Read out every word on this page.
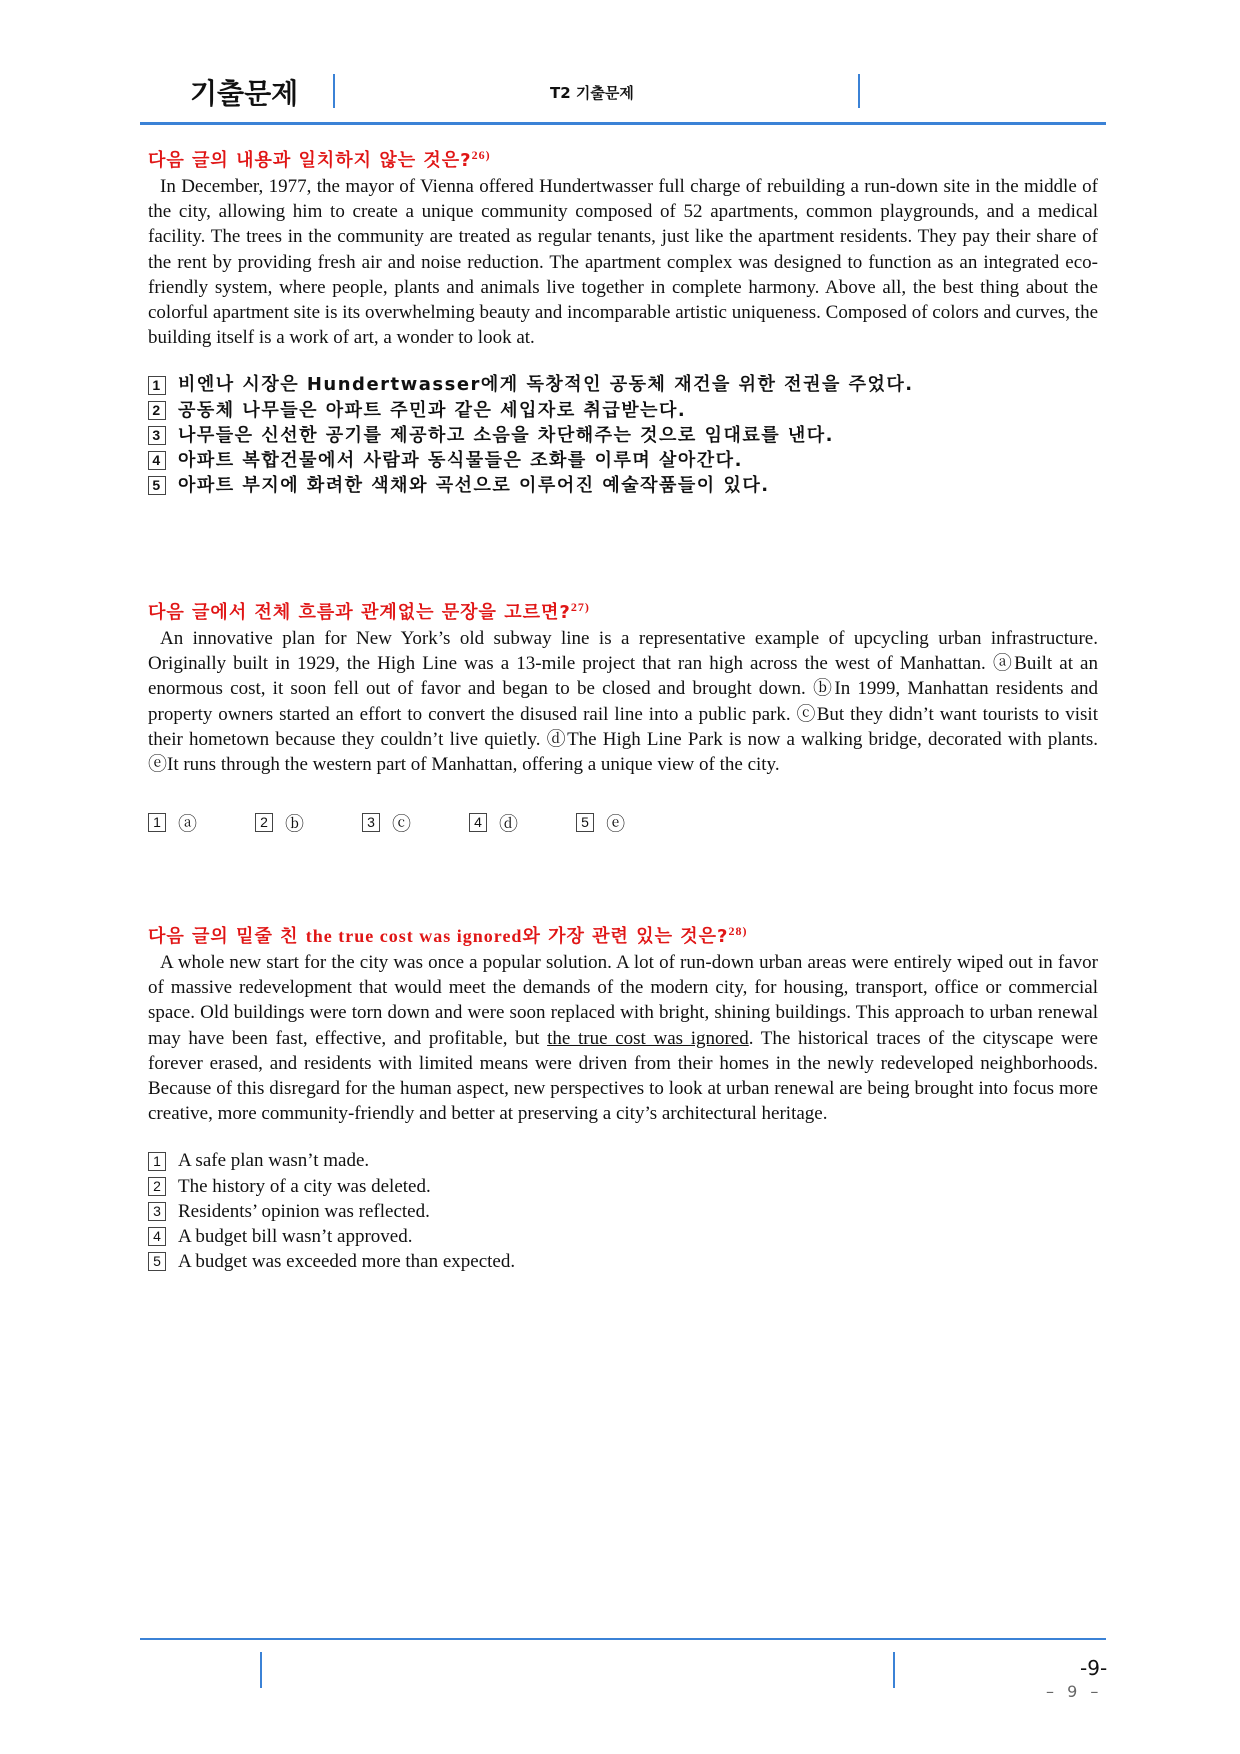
기출문제	T2 기출문제
다음 글의 내용과 일치하지 않는 것은?$^{26)}$
In December, 1977, the mayor of Vienna offered Hundertwasser full charge of rebuilding a run-down site in the middle of the city, allowing him to create a unique community composed of 52 apartments, common playgrounds, and a medical facility. The trees in the community are treated as regular tenants, just like the apartment residents. They pay their share of the rent by providing fresh air and noise reduction. The apartment complex was designed to function as an integrated eco-friendly system, where people, plants and animals live together in complete harmony. Above all, the best thing about the colorful apartment site is its overwhelming beauty and incomparable artistic uniqueness. Composed of colors and curves, the building itself is a work of art, a wonder to look at.
1 비엔나 시장은 Hundertwasser에게 독창적인 공동체 재건을 위한 전권을 주었다.
2 공동체 나무들은 아파트 주민과 같은 세입자로 취급받는다.
3 나무들은 신선한 공기를 제공하고 소음을 차단해주는 것으로 임대료를 낸다.
4 아파트 복합건물에서 사람과 동식물들은 조화를 이루며 살아간다.
5 아파트 부지에 화려한 색채와 곡선으로 이루어진 예술작품들이 있다.
다음 글에서 전체 흐름과 관계없는 문장을 고르면?$^{27)}$
An innovative plan for New York’s old subway line is a representative example of upcycling urban infrastructure. Originally built in 1929, the High Line was a 13-mile project that ran high across the west of Manhattan. ⓐBuilt at an enormous cost, it soon fell out of favor and began to be closed and brought down. ⓑIn 1999, Manhattan residents and property owners started an effort to convert the disused rail line into a public park. ⓒBut they didn’t want tourists to visit their hometown because they couldn’t live quietly. ⓓThe High Line Park is now a walking bridge, decorated with plants. ⓔIt runs through the western part of Manhattan, offering a unique view of the city.
1 ⓐ	2 ⓑ	3 ⓒ	4 ⓓ	5 ⓔ
다음 글의 밑줄 친 the true cost was ignored와 가장 관련 있는 것은?$^{28)}$
A whole new start for the city was once a popular solution. A lot of run-down urban areas were entirely wiped out in favor of massive redevelopment that would meet the demands of the modern city, for housing, transport, office or commercial space. Old buildings were torn down and were soon replaced with bright, shining buildings. This approach to urban renewal may have been fast, effective, and profitable, but the true cost was ignored. The historical traces of the cityscape were forever erased, and residents with limited means were driven from their homes in the newly redeveloped neighborhoods. Because of this disregard for the human aspect, new perspectives to look at urban renewal are being brought into focus more creative, more community-friendly and better at preserving a city’s architectural heritage.
1 A safe plan wasn’t made.
2 The history of a city was deleted.
3 Residents’ opinion was reflected.
4 A budget bill wasn’t approved.
5 A budget was exceeded more than expected.
-9-
– 9 –
